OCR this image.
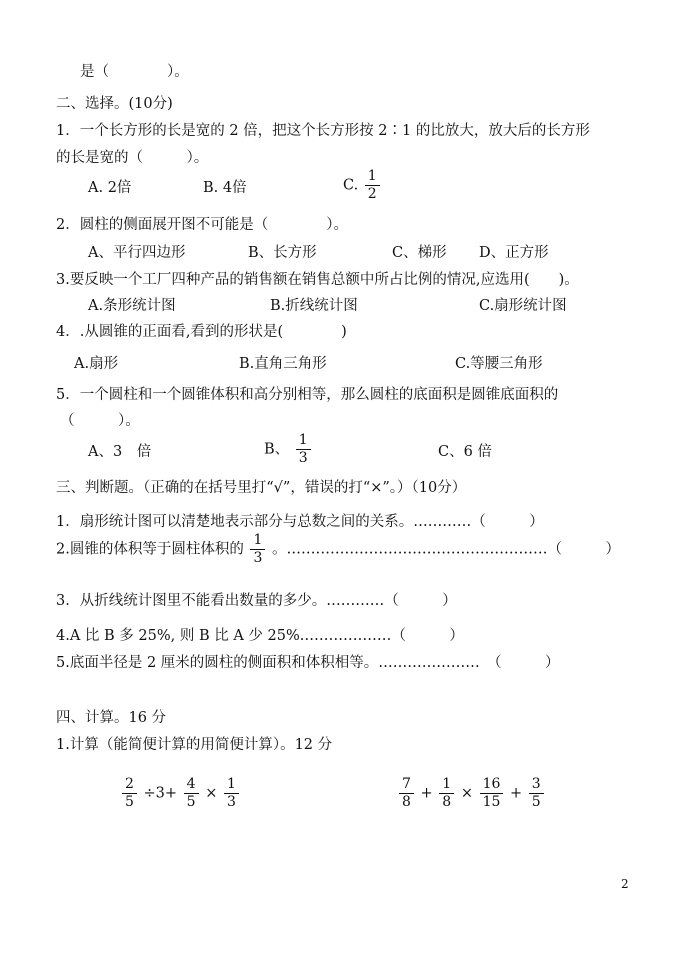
是（　　　　）。
二、选择。(10分)
1．一个长方形的长是宽的 2 倍，把这个长方形按 2∶1 的比放大，放大后的长方形
的长是宽的（　　　）。
A. 2倍	B. 4倍	C. $\frac{1}{2}$
2．圆柱的侧面展开图不可能是（　　　　）。
A、平行四边形	B、长方形	C、梯形 D、正方形
3.要反映一个工厂四种产品的销售额在销售总额中所占比例的情况,应选用(　　)。
A.条形统计图	B.折线统计图	C.扇形统计图
4．.从圆锥的正面看,看到的形状是(　　　　)
A.扇形	B.直角三角形	C.等腰三角形
5．一个圆柱和一个圆锥体积和高分别相等，那么圆柱的底面积是圆锥底面积的
（　　　）。
A、3　倍	B、 $\frac{1}{3}$	C、6 倍
三、判断题。（正确的在括号里打“√”，错误的打“×”。）（10分）
1．扇形统计图可以清楚地表示部分与总数之间的关系。…………（　　　）
2.圆锥的体积等于圆柱体积的 $\frac{1}{3}$ 。………………………………………………（　　　）
3．从折线统计图里不能看出数量的多少。…………（　　　）
4.A 比 B 多 25%, 则 B 比 A 少 25%.………………（　　　）
5.底面半径是 2 厘米的圆柱的侧面积和体积相等。…………………　（　　　）
四、计算。16 分
1.计算（能简便计算的用简便计算）。12 分
$\frac{2}{5} \div 3+ \frac{4}{5} \times \frac{1}{3}$	$\frac{7}{8} + \frac{1}{8} \times \frac{16}{15} + \frac{3}{5}$
2
